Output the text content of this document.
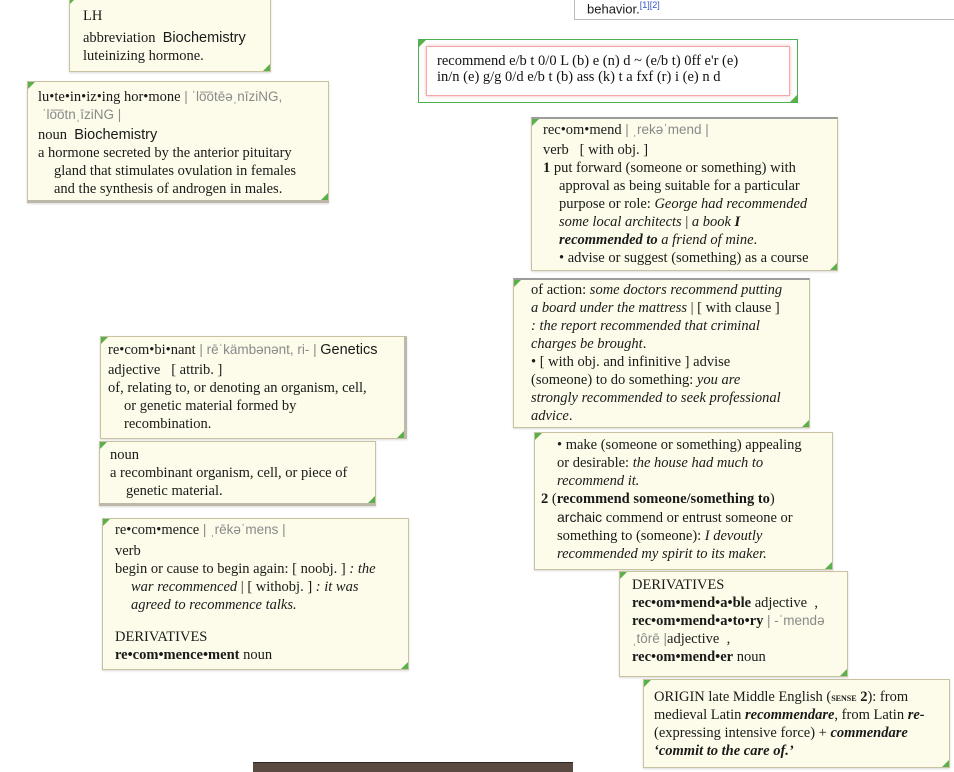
behavior.[1][2]
recommend e/b t 0/0 L (b) e (n) d ~ (e/b t) 0ff e'r (e)
in/n (e) g/g 0/d e/b t (b) ass (k) t a fxf (r) i (e) n d
LH
abbreviation Biochemistry
luteinizing hormone.
lu•te•in•iz•ing hor•mone | ˈlo͞otēəˌnīziNG,
ˈlo͞otnˌīziNG |
noun Biochemistry
a hormone secreted by the anterior pituitary
gland that stimulates ovulation in females
and the synthesis of androgen in males.
rec•om•mend | ˌrekəˈmend |
verb [ with obj. ]
1 put forward (someone or something) with
approval as being suitable for a particular
purpose or role: George had recommended
some local architects | a book I
recommended to a friend of mine.
• advise or suggest (something) as a course
of action: some doctors recommend putting
a board under the mattress | [ with clause ]
: the report recommended that criminal
charges be brought.
• [ with obj. and infinitive ] advise
(someone) to do something: you are
strongly recommended to seek professional
advice.
re•com•bi•nant | rēˈkämbənənt, ri- | Genetics
adjective [ attrib. ]
of, relating to, or denoting an organism, cell,
or genetic material formed by
recombination.
noun
a recombinant organism, cell, or piece of
genetic material.
• make (someone or something) appealing
or desirable: the house had much to
recommend it.
2 (recommend someone/something to)
archaic commend or entrust someone or
something to (someone): I devoutly
recommended my spirit to its maker.
re•com•mence | ˌrēkəˈmens |
verb
begin or cause to begin again: [ noobj. ] : the
war recommenced | [ withobj. ] : it was
agreed to recommence talks.
DERIVATIVES
re•com•mence•ment noun
DERIVATIVES
rec•om•mend•a•ble adjective  ,
rec•om•mend•a•to•ry | -ˈmendə
ˌtôrē |adjective  ,
rec•om•mend•er noun
ORIGIN late Middle English (sense 2): from
medieval Latin recommendare, from Latin re-
(expressing intensive force) + commendare
‘commit to the care of.’
